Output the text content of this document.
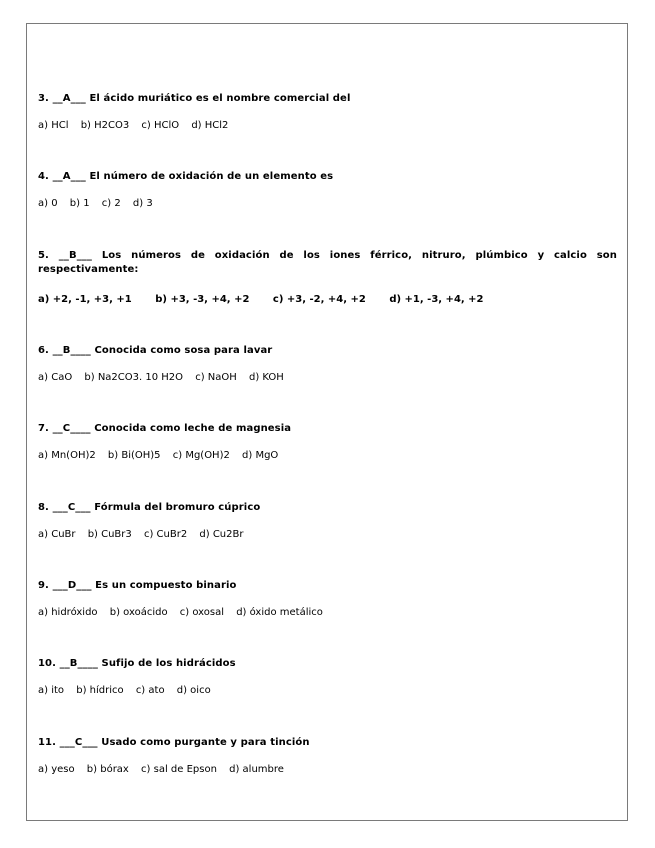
3. __A___ El ácido muriático es el nombre comercial del
a) HCl b) H2CO3 c) HClO d) HCl2
4. __A___ El número de oxidación de un elemento es
a) 0 b) 1 c) 2 d) 3
5. __B___ Los números de oxidación de los iones férrico, nitruro, plúmbico y calcio son respectivamente:
a) +2, -1, +3, +1 b) +3, -3, +4, +2 c) +3, -2, +4, +2 d) +1, -3, +4, +2
6. __B____ Conocida como sosa para lavar
a) CaO b) Na2CO3. 10 H2O c) NaOH d) KOH
7. __C____ Conocida como leche de magnesia
a) Mn(OH)2 b) Bi(OH)5 c) Mg(OH)2 d) MgO
8. ___C___ Fórmula del bromuro cúprico
a) CuBr b) CuBr3 c) CuBr2 d) Cu2Br
9. ___D___ Es un compuesto binario
a) hidróxido b) oxoácido c) oxosal d) óxido metálico
10. __B____ Sufijo de los hidrácidos
a) ito b) hídrico c) ato d) oico
11. ___C___ Usado como purgante y para tinción
a) yeso b) bórax c) sal de Epson d) alumbre
